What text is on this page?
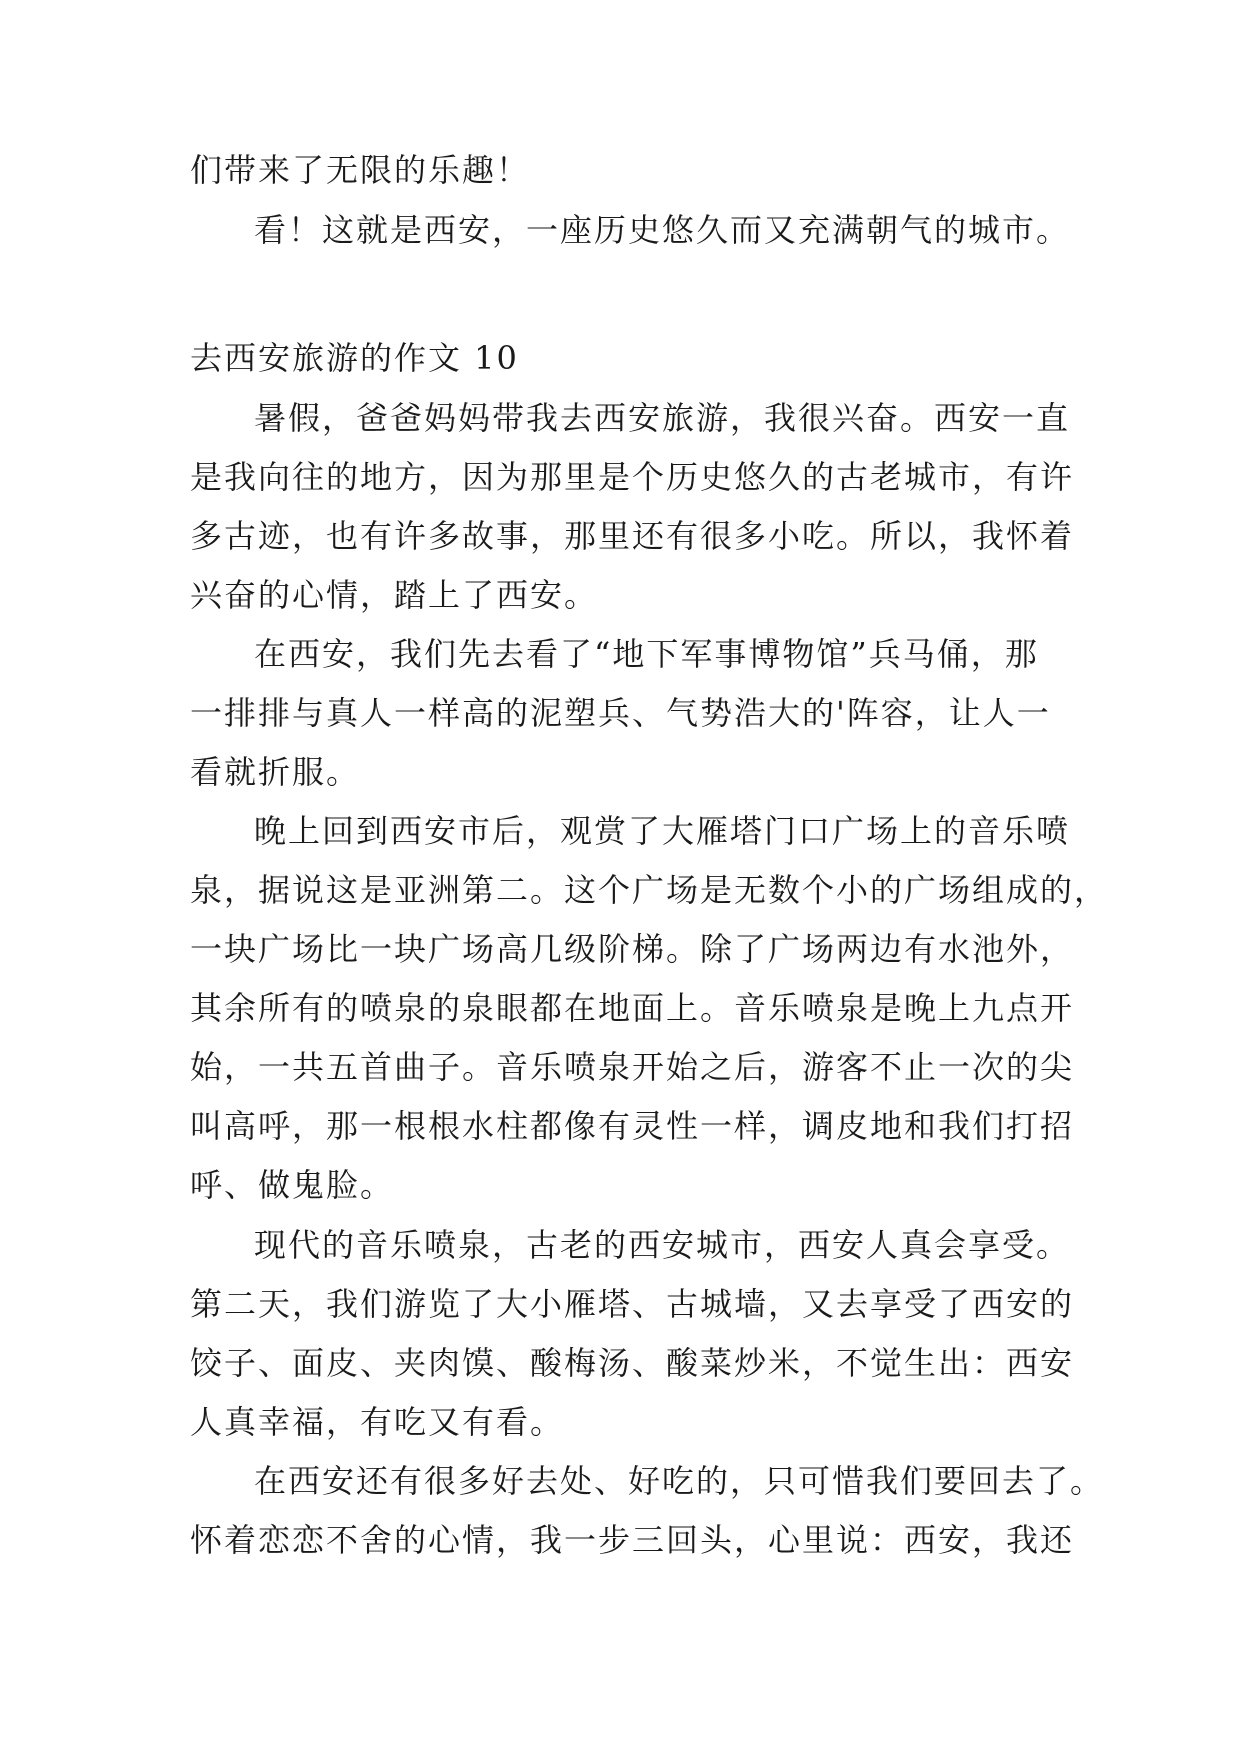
们带来了无限的乐趣！
看！这就是西安，一座历史悠久而又充满朝气的城市。
去西安旅游的作文 10
暑假，爸爸妈妈带我去西安旅游，我很兴奋。西安一直
是我向往的地方，因为那里是个历史悠久的古老城市，有许
多古迹，也有许多故事，那里还有很多小吃。所以，我怀着
兴奋的心情，踏上了西安。
在西安，我们先去看了“地下军事博物馆”兵马俑，那
一排排与真人一样高的泥塑兵、气势浩大的'阵容，让人一
看就折服。
晚上回到西安市后，观赏了大雁塔门口广场上的音乐喷
泉，据说这是亚洲第二。这个广场是无数个小的广场组成的，
一块广场比一块广场高几级阶梯。除了广场两边有水池外，
其余所有的喷泉的泉眼都在地面上。音乐喷泉是晚上九点开
始，一共五首曲子。音乐喷泉开始之后，游客不止一次的尖
叫高呼，那一根根水柱都像有灵性一样，调皮地和我们打招
呼、做鬼脸。
现代的音乐喷泉，古老的西安城市，西安人真会享受。
第二天，我们游览了大小雁塔、古城墙，又去享受了西安的
饺子、面皮、夹肉馍、酸梅汤、酸菜炒米，不觉生出：西安
人真幸福，有吃又有看。
在西安还有很多好去处、好吃的，只可惜我们要回去了。
怀着恋恋不舍的心情，我一步三回头，心里说：西安，我还
